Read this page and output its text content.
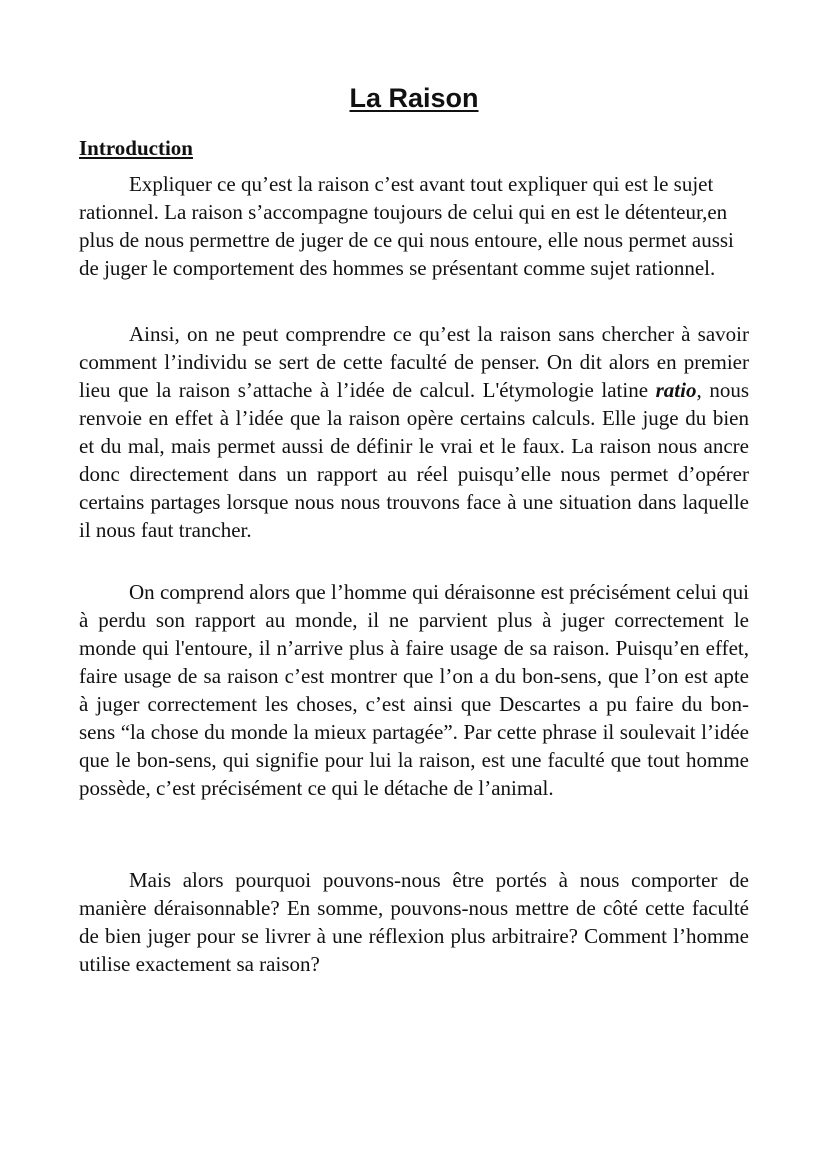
La Raison
Introduction

Expliquer ce qu’est la raison c’est avant tout expliquer qui est le sujet rationnel. La raison s’accompagne toujours de celui qui en est le détenteur,en plus de nous permettre de juger de ce qui nous entoure, elle nous permet aussi de juger le comportement des hommes se présentant comme sujet rationnel.

Ainsi, on ne peut comprendre ce qu’est la raison sans chercher à savoir comment l’individu se sert de cette faculté de penser. On dit alors en premier lieu que la raison s’attache à l’idée de calcul. L'étymologie latine ratio, nous renvoie en effet à l’idée que la raison opère certains calculs. Elle juge du bien et du mal, mais permet aussi de définir le vrai et le faux. La raison nous ancre donc directement dans un rapport au réel puisqu’elle nous permet d’opérer certains partages lorsque nous nous trouvons face à une situation dans laquelle il nous faut trancher.

On comprend alors que l’homme qui déraisonne est précisément celui qui à perdu son rapport au monde, il ne parvient plus à juger correctement le monde qui l'entoure, il n’arrive plus à faire usage de sa raison. Puisqu’en effet, faire usage de sa raison c’est montrer que l’on a du bon-sens, que l’on est apte à juger correctement les choses, c’est ainsi que Descartes a pu faire du bon-sens “la chose du monde la mieux partagée”. Par cette phrase il soulevait l’idée que le bon-sens, qui signifie pour lui la raison, est une faculté que tout homme possède, c’est précisément ce qui le détache de l’animal.

Mais alors pourquoi pouvons-nous être portés à nous comporter de manière déraisonnable? En somme, pouvons-nous mettre de côté cette faculté de bien juger pour se livrer à une réflexion plus arbitraire? Comment l’homme utilise exactement sa raison?
